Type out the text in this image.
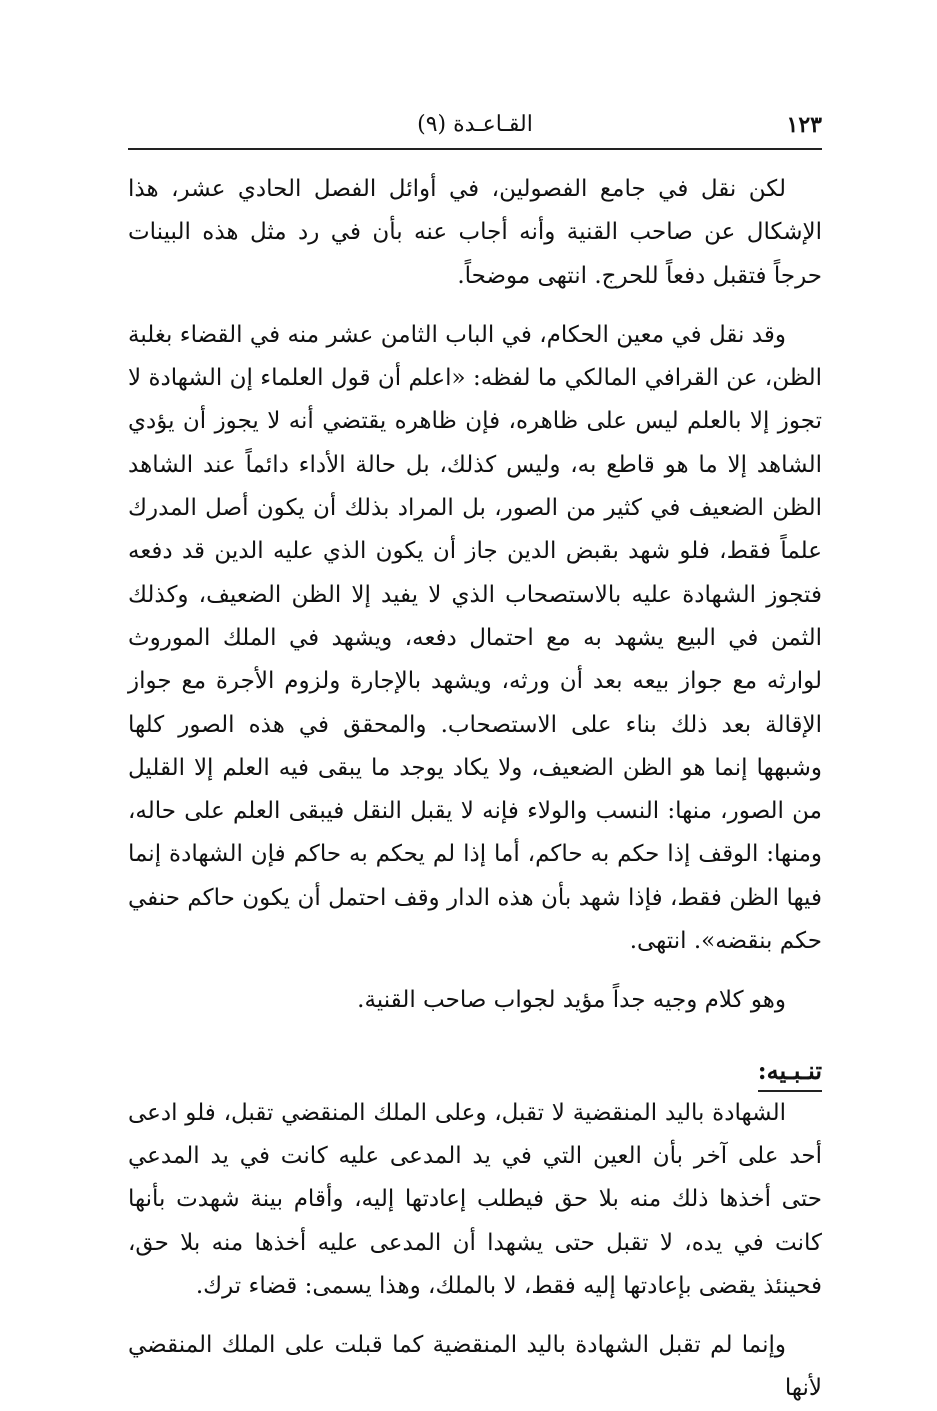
١٢٣
القـاعـدة (٩)

لكن نقل في جامع الفصولين، في أوائل الفصل الحادي عشر، هذا الإشكال عن صاحب القنية وأنه أجاب عنه بأن في رد مثل هذه البينات حرجاً فتقبل دفعاً للحرج. انتهى موضحاً.

وقد نقل في معين الحكام، في الباب الثامن عشر منه في القضاء بغلبة الظن، عن القرافي المالكي ما لفظه: «اعلم أن قول العلماء إن الشهادة لا تجوز إلا بالعلم ليس على ظاهره، فإن ظاهره يقتضي أنه لا يجوز أن يؤدي الشاهد إلا ما هو قاطع به، وليس كذلك، بل حالة الأداء دائماً عند الشاهد الظن الضعيف في كثير من الصور، بل المراد بذلك أن يكون أصل المدرك علماً فقط، فلو شهد بقبض الدين جاز أن يكون الذي عليه الدين قد دفعه فتجوز الشهادة عليه بالاستصحاب الذي لا يفيد إلا الظن الضعيف، وكذلك الثمن في البيع يشهد به مع احتمال دفعه، ويشهد في الملك الموروث لوارثه مع جواز بيعه بعد أن ورثه، ويشهد بالإجارة ولزوم الأجرة مع جواز الإقالة بعد ذلك بناء على الاستصحاب. والمحقق في هذه الصور كلها وشبهها إنما هو الظن الضعيف، ولا يكاد يوجد ما يبقى فيه العلم إلا القليل من الصور، منها: النسب والولاء فإنه لا يقبل النقل فيبقى العلم على حاله، ومنها: الوقف إذا حكم به حاكم، أما إذا لم يحكم به حاكم فإن الشهادة إنما فيها الظن فقط، فإذا شهد بأن هذه الدار وقف احتمل أن يكون حاكم حنفي حكم بنقضه». انتهى.

وهو كلام وجيه جداً مؤيد لجواب صاحب القنية.

تنـبـيه:

الشهادة باليد المنقضية لا تقبل، وعلى الملك المنقضي تقبل، فلو ادعى أحد على آخر بأن العين التي في يد المدعى عليه كانت في يد المدعي حتى أخذها ذلك منه بلا حق فيطلب إعادتها إليه، وأقام بينة شهدت بأنها كانت في يده، لا تقبل حتى يشهدا أن المدعى عليه أخذها منه بلا حق، فحينئذ يقضى بإعادتها إليه فقط، لا بالملك، وهذا يسمى: قضاء ترك.

وإنما لم تقبل الشهادة باليد المنقضية كما قبلت على الملك المنقضي لأنها
